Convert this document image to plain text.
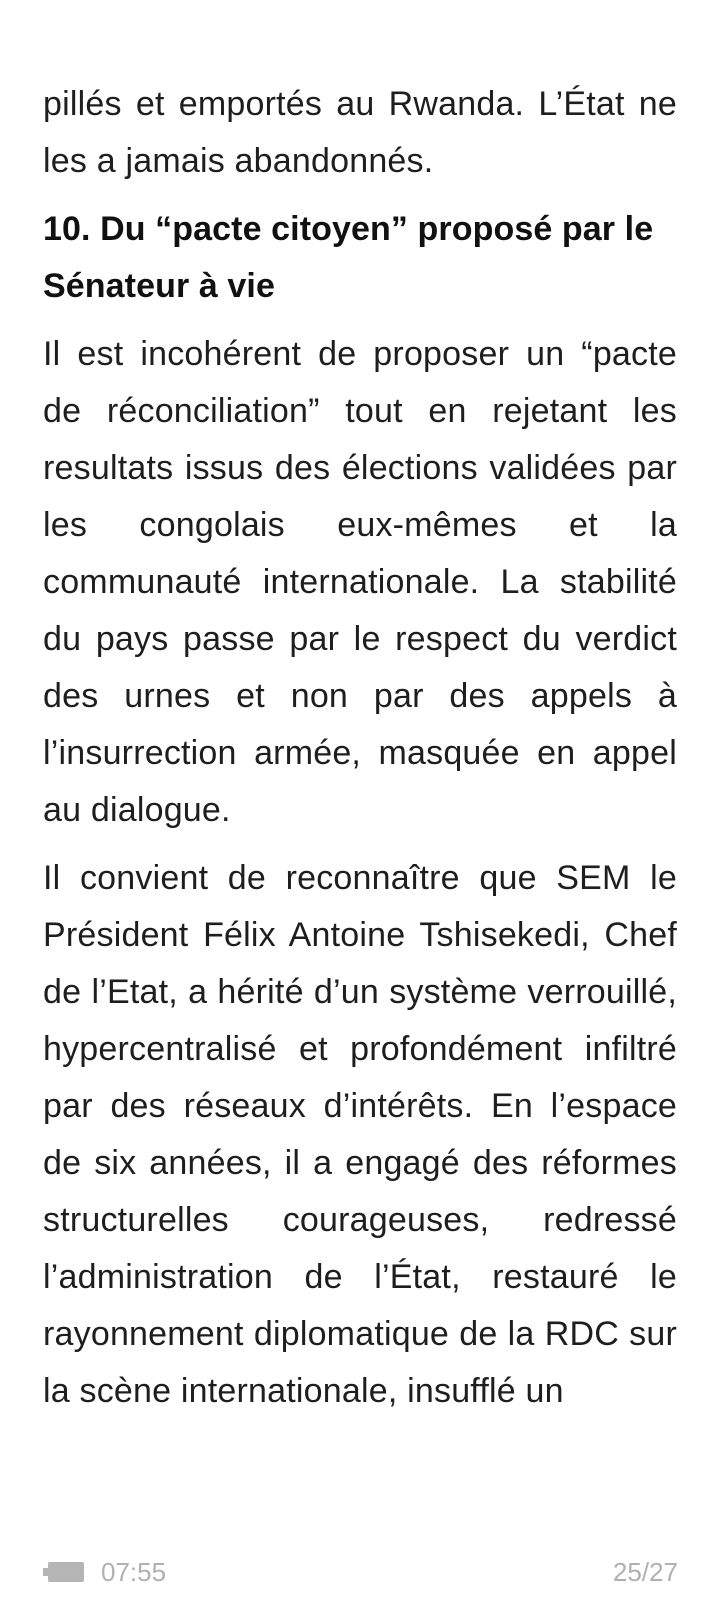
pillés et emportés au Rwanda. L’État ne les a jamais abandonnés.

10. Du “pacte citoyen” proposé par le Sénateur à vie

Il est incohérent de proposer un “pacte de réconciliation” tout en rejetant les resultats issus des élections validées par les congolais eux-mêmes et la communauté internationale. La stabilité du pays passe par le respect du verdict des urnes et non par des appels à l’insurrection armée, masquée en appel au dialogue.

Il convient de reconnaître que SEM le Président Félix Antoine Tshisekedi, Chef de l’Etat, a hérité d’un système verrouillé, hypercentralisé et profondément infiltré par des réseaux d’intérêts. En l’espace de six années, il a engagé des réformes structurelles courageuses, redressé l’administration de l’État, restauré le rayonnement diplomatique de la RDC sur la scène internationale, insufflé un

07:55	25/27
